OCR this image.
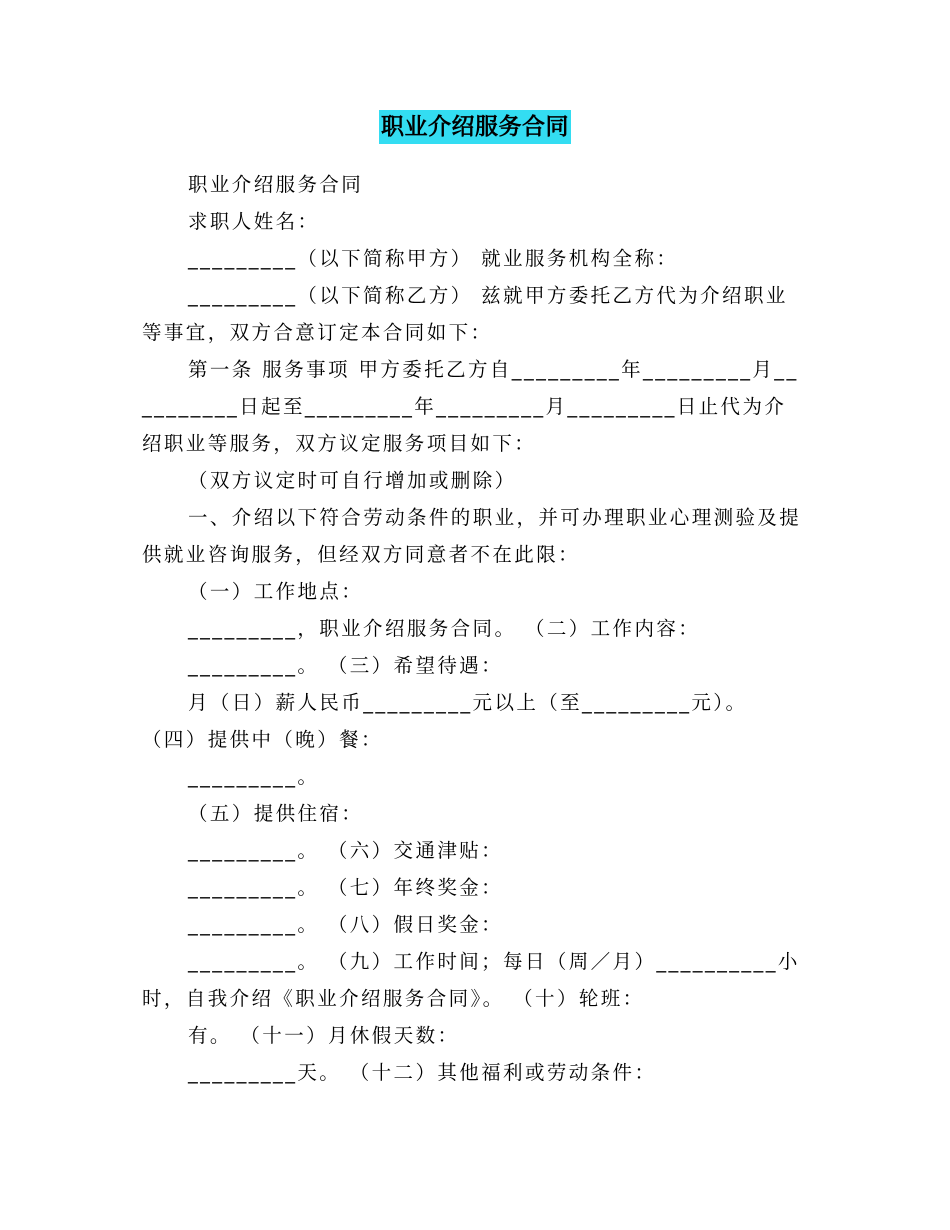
职业介绍服务合同

职业介绍服务合同

求职人姓名：

_________（以下简称甲方） 就业服务机构全称：

_________（以下简称乙方） 兹就甲方委托乙方代为介绍职业等事宜，双方合意订定本合同如下：

第一条 服务事项 甲方委托乙方自_________年_________月__________日起至_________年_________月_________日止代为介绍职业等服务，双方议定服务项目如下：

（双方议定时可自行增加或删除）

一、介绍以下符合劳动条件的职业，并可办理职业心理测验及提供就业咨询服务，但经双方同意者不在此限：

（一）工作地点：

_________，职业介绍服务合同。 （二）工作内容：

_________。 （三）希望待遇：

月（日）薪人民币_________元以上（至_________元）。 （四）提供中（晚）餐：

_________。

（五）提供住宿：

_________。 （六）交通津贴：

_________。 （七）年终奖金：

_________。 （八）假日奖金：

_________。 （九）工作时间；每日（周／月）__________小时，自我介绍《职业介绍服务合同》。 （十）轮班：

有。 （十一）月休假天数：

_________天。 （十二）其他福利或劳动条件：
